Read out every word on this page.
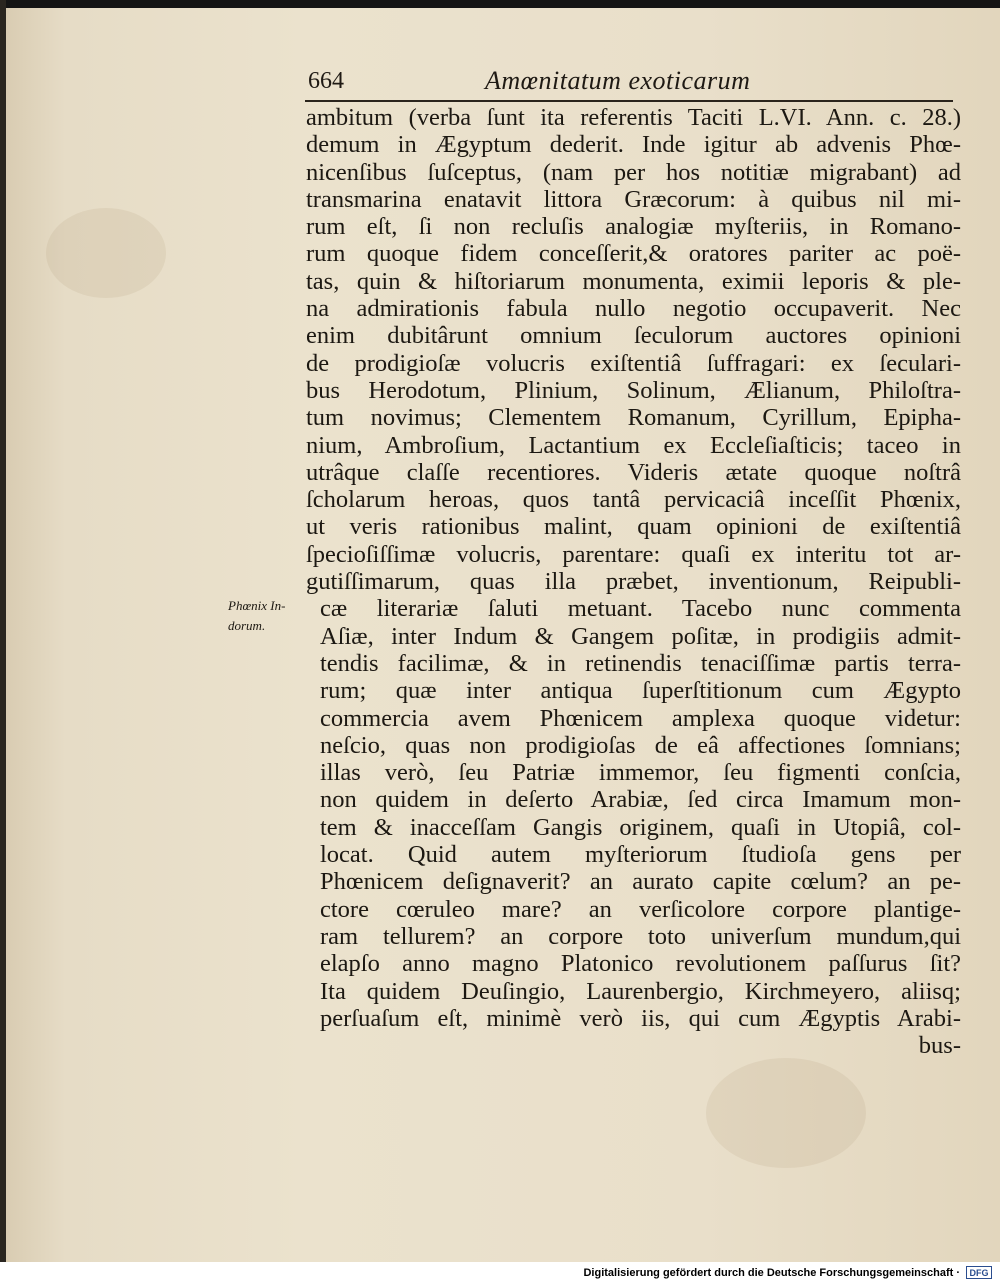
664	Amœnitatum exoticarum
Phœnix In-
dorum.
ambitum (verba ſunt ita referentis Taciti L.VI. Ann. c. 28.)
demum in Ægyptum dederit. Inde igitur ab advenis Phœ-
nicenſibus ſuſceptus, (nam per hos notitiæ migrabant) ad
transmarina enatavit littora Græcorum: à quibus nil mi-
rum eſt, ſi non recluſis analogiæ myſteriis, in Romano-
rum quoque fidem conceſſerit,& oratores pariter ac poë-
tas, quin & hiſtoriarum monumenta, eximii leporis & ple-
na admirationis fabula nullo negotio occupaverit. Nec
enim dubitârunt omnium ſeculorum auctores opinioni
de prodigioſæ volucris exiſtentiâ ſuffragari: ex ſeculari-
bus Herodotum, Plinium, Solinum, Ælianum, Philoſtra-
tum novimus; Clementem Romanum, Cyrillum, Epipha-
nium, Ambroſium, Lactantium ex Eccleſiaſticis; taceo in
utrâque claſſe recentiores. Videris ætate quoque noſtrâ
ſcholarum heroas, quos tantâ pervicaciâ inceſſit Phœnix,
ut veris rationibus malint, quam opinioni de exiſtentiâ
ſpecioſiſſimæ volucris, parentare: quaſi ex interitu tot ar-
gutiſſimarum, quas illa præbet, inventionum, Reipubli-
cæ literariæ ſaluti metuant. Tacebo nunc commenta
Aſiæ, inter Indum & Gangem poſitæ, in prodigiis admit-
tendis facilimæ, & in retinendis tenaciſſimæ partis terra-
rum; quæ inter antiqua ſuperſtitionum cum Ægypto
commercia avem Phœnicem amplexa quoque videtur:
neſcio, quas non prodigioſas de eâ affectiones ſomnians;
illas verò, ſeu Patriæ immemor, ſeu figmenti conſcia,
non quidem in deſerto Arabiæ, ſed circa Imamum mon-
tem & inacceſſam Gangis originem, quaſi in Utopiâ, col-
locat. Quid autem myſteriorum ſtudioſa gens per
Phœnicem deſignaverit? an aurato capite cœlum? an pe-
ctore cœruleo mare? an verſicolore corpore plantige-
ram tellurem? an corpore toto univerſum mundum,qui
elapſo anno magno Platonico revolutionem paſſurus ſit?
Ita quidem Deuſingio, Laurenbergio, Kirchmeyero, aliisq;
perſuaſum eſt, minimè verò iis, qui cum Ægyptis Arabi-
bus-
Digitalisierung gefördert durch die Deutsche Forschungsgemeinschaft ·	DFG
